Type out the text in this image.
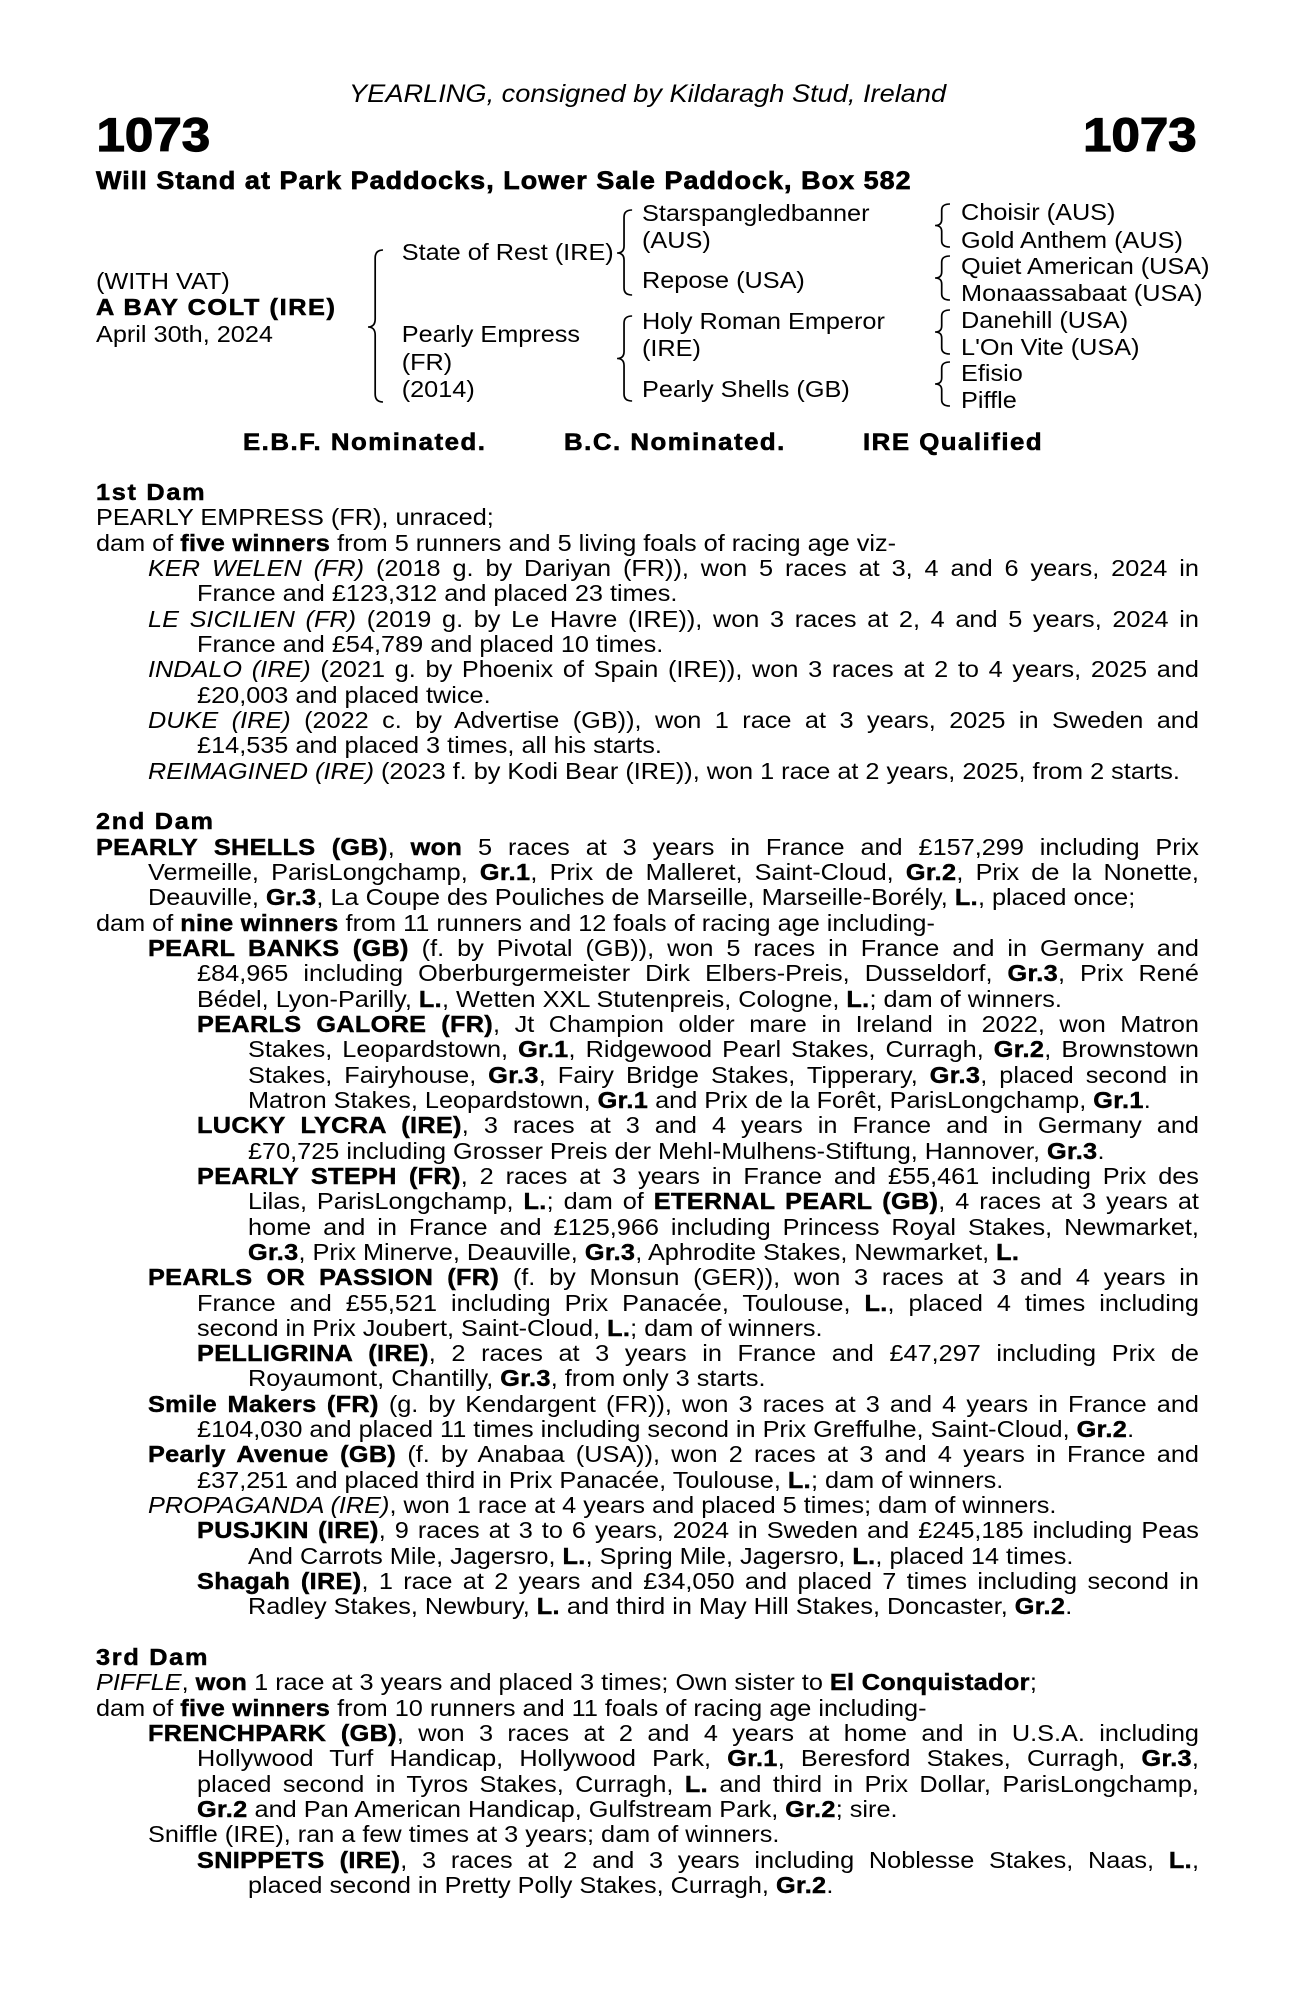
YEARLING, consigned by Kildaragh Stud, Ireland
1073	1073
Will Stand at Park Paddocks, Lower Sale Paddock, Box 582
(WITH VAT)
A BAY COLT (IRE)
April 30th, 2024
State of Rest (IRE)
Pearly Empress
(FR)
(2014)
Starspangledbanner
(AUS)
Repose (USA)
Holy Roman Emperor
(IRE)
Pearly Shells (GB)
Choisir (AUS)
Gold Anthem (AUS)
Quiet American (USA)
Monaassabaat (USA)
Danehill (USA)
L'On Vite (USA)
Efisio
Piffle
E.B.F. Nominated.	B.C. Nominated.	IRE Qualified
1st Dam
PEARLY EMPRESS (FR), unraced;
dam of five winners from 5 runners and 5 living foals of racing age viz-
KER WELEN (FR) (2018 g. by Dariyan (FR)), won 5 races at 3, 4 and 6 years, 2024 in
France and £123,312 and placed 23 times.
LE SICILIEN (FR) (2019 g. by Le Havre (IRE)), won 3 races at 2, 4 and 5 years, 2024 in
France and £54,789 and placed 10 times.
INDALO (IRE) (2021 g. by Phoenix of Spain (IRE)), won 3 races at 2 to 4 years, 2025 and
£20,003 and placed twice.
DUKE (IRE) (2022 c. by Advertise (GB)), won 1 race at 3 years, 2025 in Sweden and
£14,535 and placed 3 times, all his starts.
REIMAGINED (IRE) (2023 f. by Kodi Bear (IRE)), won 1 race at 2 years, 2025, from 2 starts.
2nd Dam
PEARLY SHELLS (GB), won 5 races at 3 years in France and £157,299 including Prix
Vermeille, ParisLongchamp, Gr.1, Prix de Malleret, Saint-Cloud, Gr.2, Prix de la Nonette,
Deauville, Gr.3, La Coupe des Pouliches de Marseille, Marseille-Borély, L., placed once;
dam of nine winners from 11 runners and 12 foals of racing age including-
PEARL BANKS (GB) (f. by Pivotal (GB)), won 5 races in France and in Germany and
£84,965 including Oberburgermeister Dirk Elbers-Preis, Dusseldorf, Gr.3, Prix René
Bédel, Lyon-Parilly, L., Wetten XXL Stutenpreis, Cologne, L.; dam of winners.
PEARLS GALORE (FR), Jt Champion older mare in Ireland in 2022, won Matron
Stakes, Leopardstown, Gr.1, Ridgewood Pearl Stakes, Curragh, Gr.2, Brownstown
Stakes, Fairyhouse, Gr.3, Fairy Bridge Stakes, Tipperary, Gr.3, placed second in
Matron Stakes, Leopardstown, Gr.1 and Prix de la Forêt, ParisLongchamp, Gr.1.
LUCKY LYCRA (IRE), 3 races at 3 and 4 years in France and in Germany and
£70,725 including Grosser Preis der Mehl-Mulhens-Stiftung, Hannover, Gr.3.
PEARLY STEPH (FR), 2 races at 3 years in France and £55,461 including Prix des
Lilas, ParisLongchamp, L.; dam of ETERNAL PEARL (GB), 4 races at 3 years at
home and in France and £125,966 including Princess Royal Stakes, Newmarket,
Gr.3, Prix Minerve, Deauville, Gr.3, Aphrodite Stakes, Newmarket, L.
PEARLS OR PASSION (FR) (f. by Monsun (GER)), won 3 races at 3 and 4 years in
France and £55,521 including Prix Panacée, Toulouse, L., placed 4 times including
second in Prix Joubert, Saint-Cloud, L.; dam of winners.
PELLIGRINA (IRE), 2 races at 3 years in France and £47,297 including Prix de
Royaumont, Chantilly, Gr.3, from only 3 starts.
Smile Makers (FR) (g. by Kendargent (FR)), won 3 races at 3 and 4 years in France and
£104,030 and placed 11 times including second in Prix Greffulhe, Saint-Cloud, Gr.2.
Pearly Avenue (GB) (f. by Anabaa (USA)), won 2 races at 3 and 4 years in France and
£37,251 and placed third in Prix Panacée, Toulouse, L.; dam of winners.
PROPAGANDA (IRE), won 1 race at 4 years and placed 5 times; dam of winners.
PUSJKIN (IRE), 9 races at 3 to 6 years, 2024 in Sweden and £245,185 including Peas
And Carrots Mile, Jagersro, L., Spring Mile, Jagersro, L., placed 14 times.
Shagah (IRE), 1 race at 2 years and £34,050 and placed 7 times including second in
Radley Stakes, Newbury, L. and third in May Hill Stakes, Doncaster, Gr.2.
3rd Dam
PIFFLE, won 1 race at 3 years and placed 3 times; Own sister to El Conquistador;
dam of five winners from 10 runners and 11 foals of racing age including-
FRENCHPARK (GB), won 3 races at 2 and 4 years at home and in U.S.A. including
Hollywood Turf Handicap, Hollywood Park, Gr.1, Beresford Stakes, Curragh, Gr.3,
placed second in Tyros Stakes, Curragh, L. and third in Prix Dollar, ParisLongchamp,
Gr.2 and Pan American Handicap, Gulfstream Park, Gr.2; sire.
Sniffle (IRE), ran a few times at 3 years; dam of winners.
SNIPPETS (IRE), 3 races at 2 and 3 years including Noblesse Stakes, Naas, L.,
placed second in Pretty Polly Stakes, Curragh, Gr.2.
